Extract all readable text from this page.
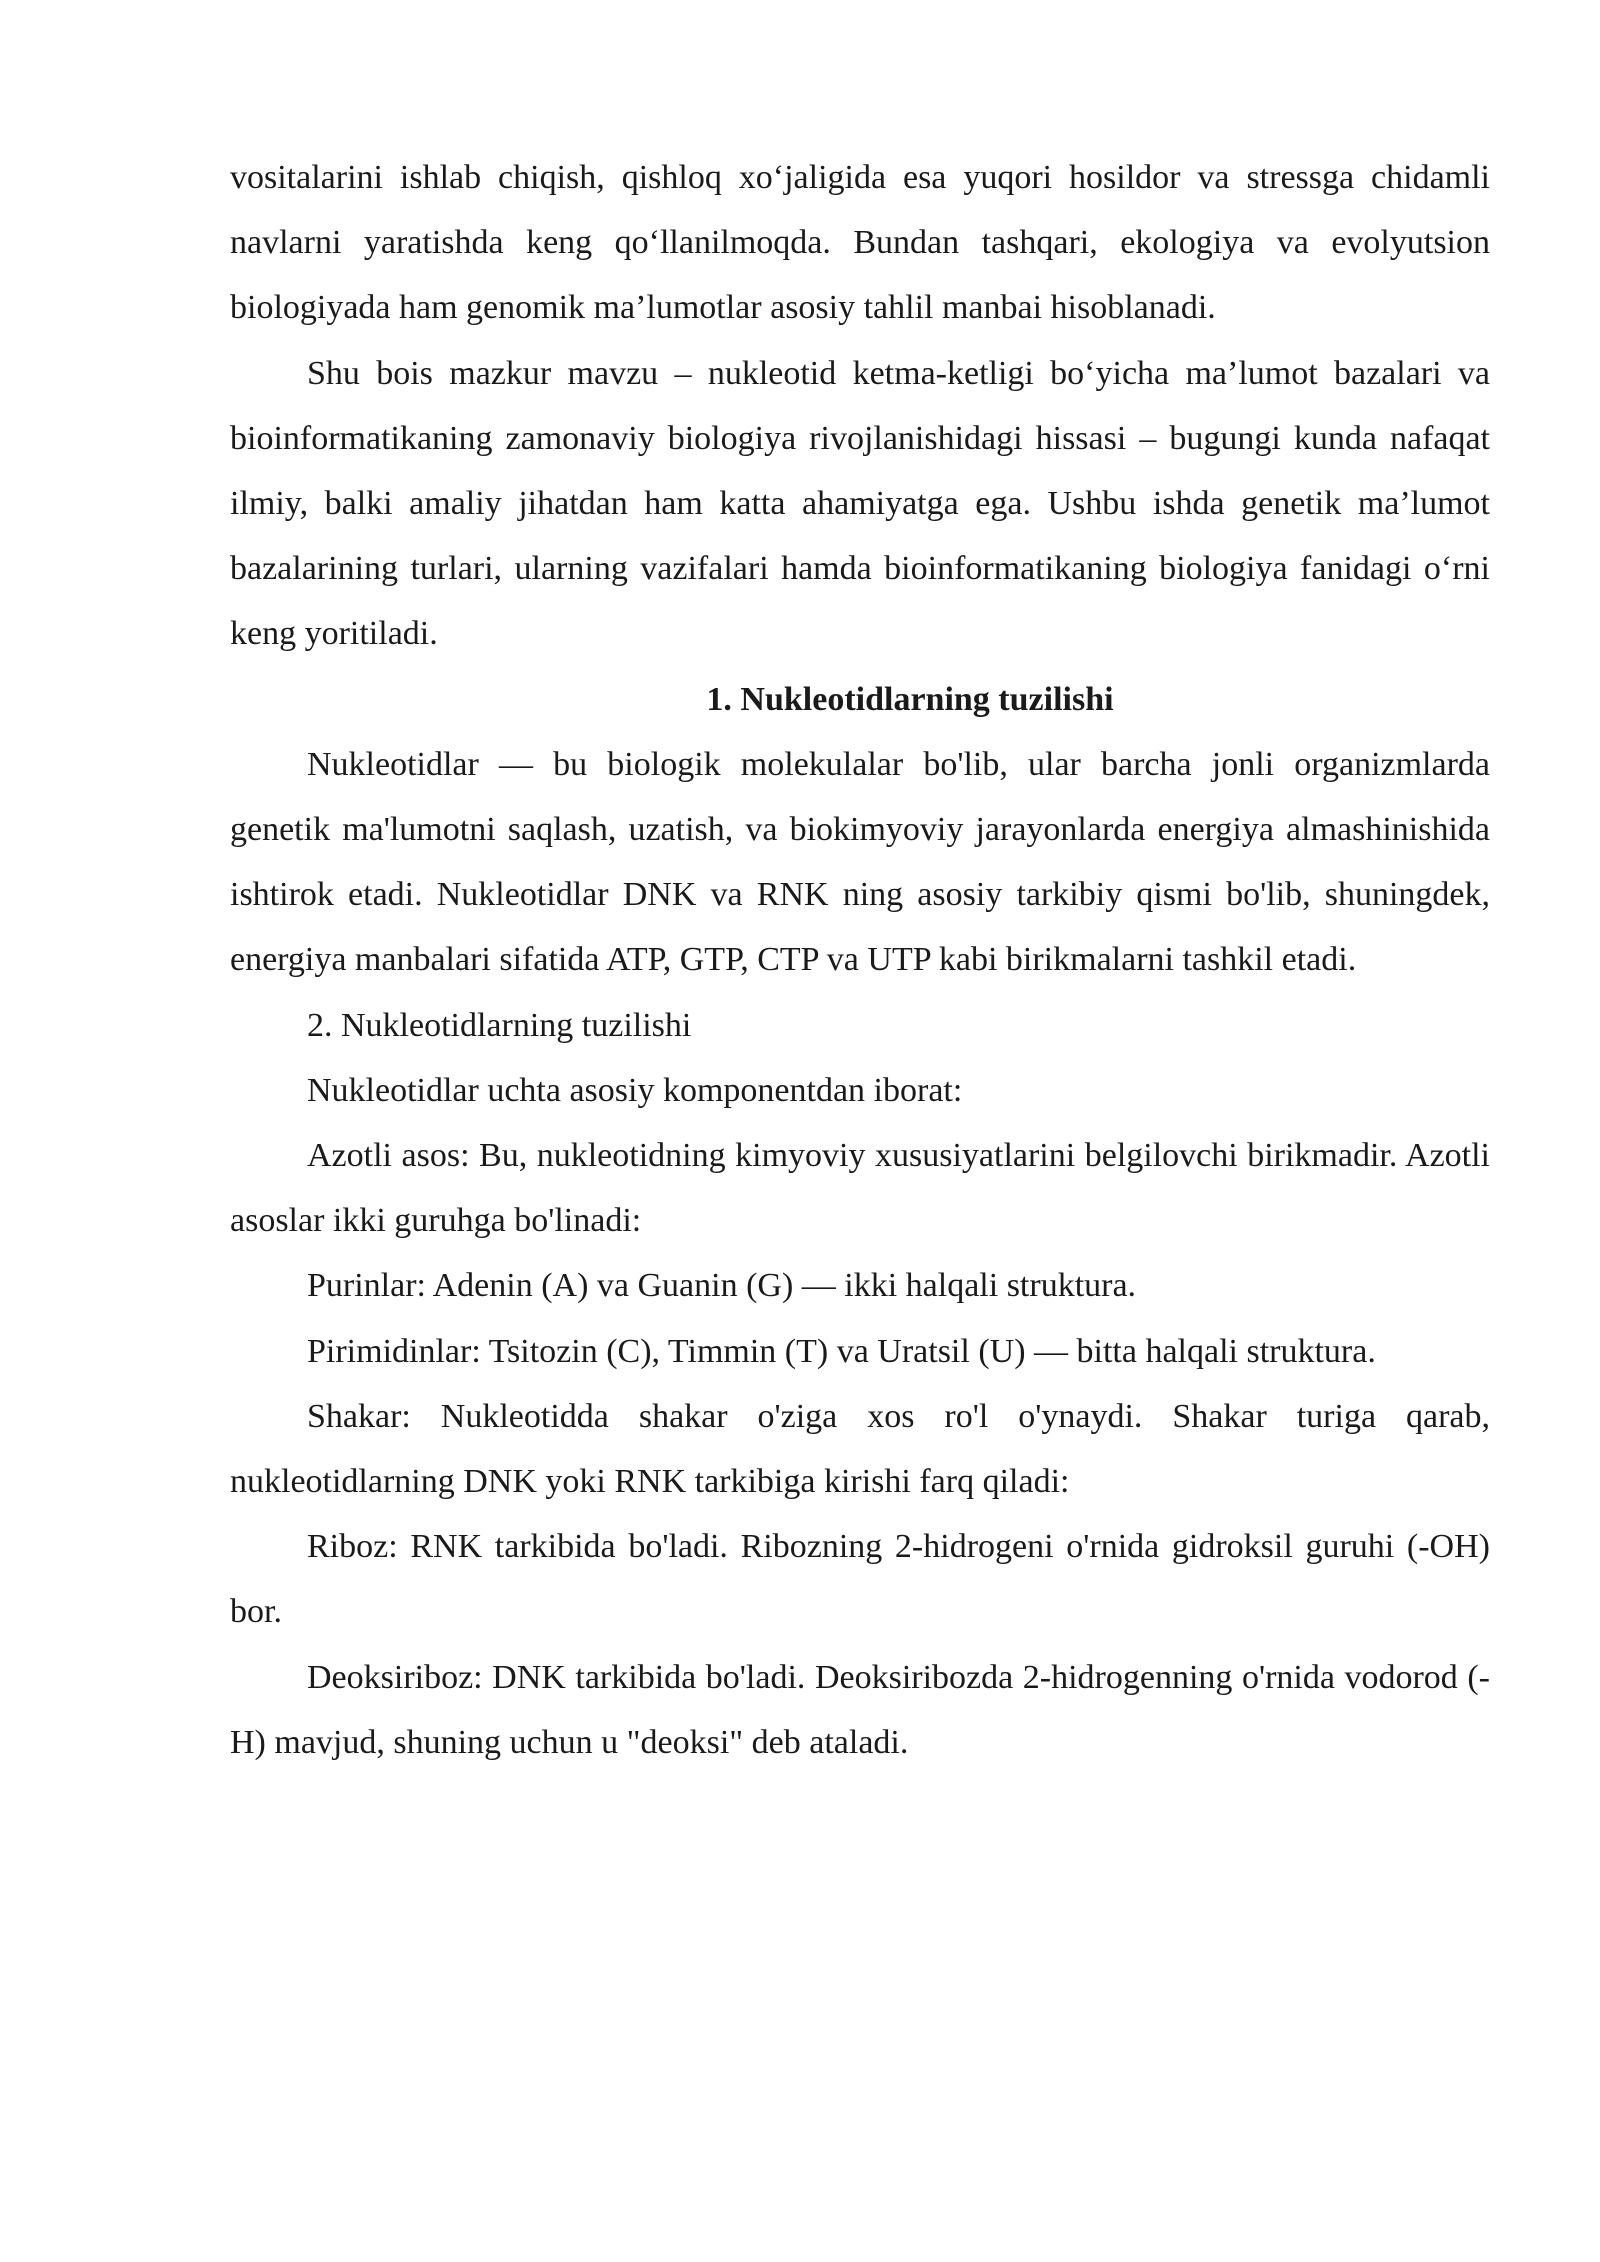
vositalarini ishlab chiqish, qishloq xo‘jaligida esa yuqori hosildor va stressga chidamli navlarni yaratishda keng qo‘llanilmoqda. Bundan tashqari, ekologiya va evolyutsion biologiyada ham genomik ma’lumotlar asosiy tahlil manbai hisoblanadi.

Shu bois mazkur mavzu – nukleotid ketma-ketligi bo‘yicha ma’lumot bazalari va bioinformatikaning zamonaviy biologiya rivojlanishidagi hissasi – bugungi kunda nafaqat ilmiy, balki amaliy jihatdan ham katta ahamiyatga ega. Ushbu ishda genetik ma’lumot bazalarining turlari, ularning vazifalari hamda bioinformatikaning biologiya fanidagi o‘rni keng yoritiladi.

1. Nukleotidlarning tuzilishi

Nukleotidlar — bu biologik molekulalar bo'lib, ular barcha jonli organizmlarda genetik ma'lumotni saqlash, uzatish, va biokimyoviy jarayonlarda energiya almashinishida ishtirok etadi. Nukleotidlar DNK va RNK ning asosiy tarkibiy qismi bo'lib, shuningdek, energiya manbalari sifatida ATP, GTP, CTP va UTP kabi birikmalarni tashkil etadi.

2. Nukleotidlarning tuzilishi

Nukleotidlar uchta asosiy komponentdan iborat:

Azotli asos: Bu, nukleotidning kimyoviy xususiyatlarini belgilovchi birikmadir. Azotli asoslar ikki guruhga bo'linadi:

Purinlar: Adenin (A) va Guanin (G) — ikki halqali struktura.

Pirimidinlar: Tsitozin (C), Timmin (T) va Uratsil (U) — bitta halqali struktura.

Shakar: Nukleotidda shakar o'ziga xos ro'l o'ynaydi. Shakar turiga qarab, nukleotidlarning DNK yoki RNK tarkibiga kirishi farq qiladi:

Riboz: RNK tarkibida bo'ladi. Ribozning 2-hidrogeni o'rnida gidroksil guruhi (-OH) bor.

Deoksiriboz: DNK tarkibida bo'ladi. Deoksiribozda 2-hidrogenning o'rnida vodorod (-H) mavjud, shuning uchun u "deoksi" deb ataladi.
